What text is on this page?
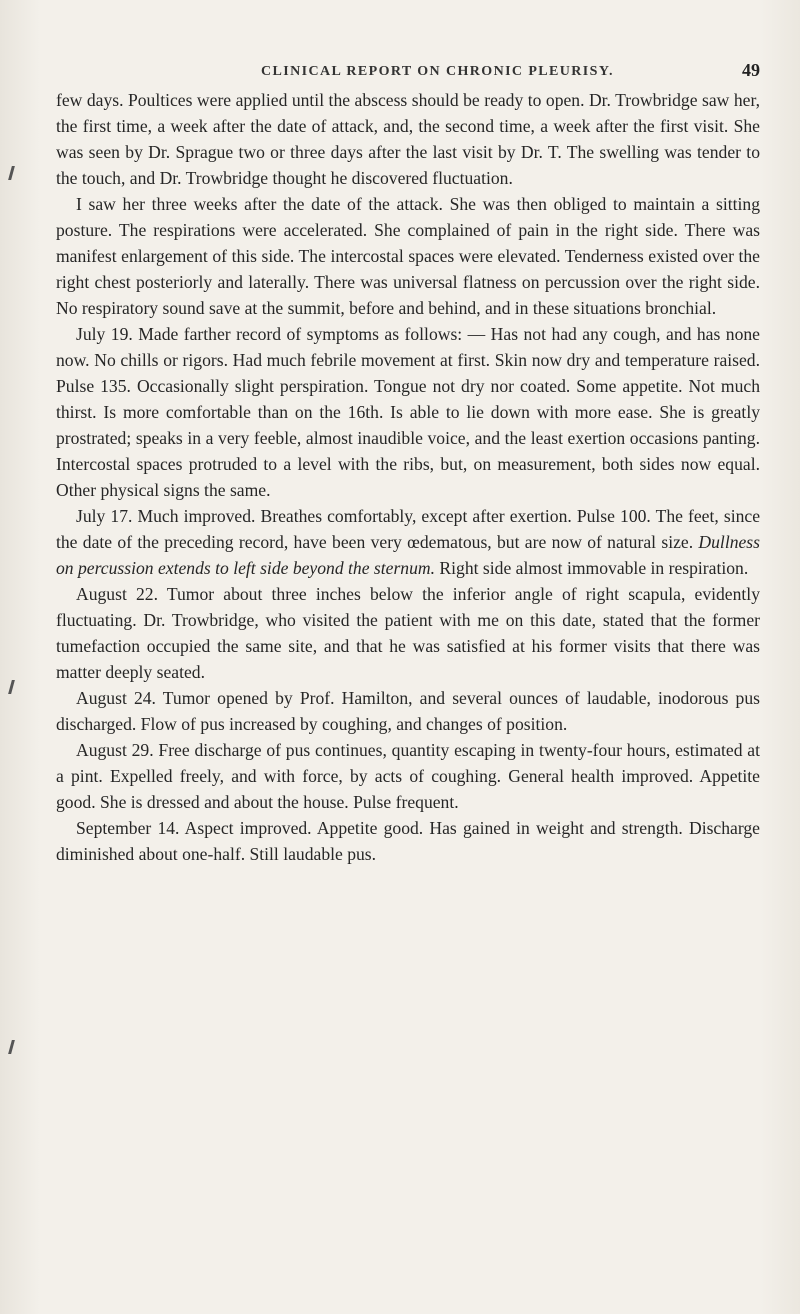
CLINICAL REPORT ON CHRONIC PLEURISY.	49

few days. Poultices were applied until the abscess should be ready to open. Dr. Trowbridge saw her, the first time, a week after the date of attack, and, the second time, a week after the first visit. She was seen by Dr. Sprague two or three days after the last visit by Dr. T. The swelling was tender to the touch, and Dr. Trowbridge thought he discovered fluctuation.

I saw her three weeks after the date of the attack. She was then obliged to maintain a sitting posture. The respirations were accelerated. She complained of pain in the right side. There was manifest enlargement of this side. The intercostal spaces were elevated. Tenderness existed over the right chest posteriorly and laterally. There was universal flatness on percussion over the right side. No respiratory sound save at the summit, before and behind, and in these situations bronchial.

July 19. Made farther record of symptoms as follows: — Has not had any cough, and has none now. No chills or rigors. Had much febrile movement at first. Skin now dry and temperature raised. Pulse 135. Occasionally slight perspiration. Tongue not dry nor coated. Some appetite. Not much thirst. Is more comfortable than on the 16th. Is able to lie down with more ease. She is greatly prostrated; speaks in a very feeble, almost inaudible voice, and the least exertion occasions panting. Intercostal spaces protruded to a level with the ribs, but, on measurement, both sides now equal. Other physical signs the same.

July 17. Much improved. Breathes comfortably, except after exertion. Pulse 100. The feet, since the date of the preceding record, have been very œdematous, but are now of natural size. Dullness on percussion extends to left side beyond the sternum. Right side almost immovable in respiration.

August 22. Tumor about three inches below the inferior angle of right scapula, evidently fluctuating. Dr. Trowbridge, who visited the patient with me on this date, stated that the former tumefaction occupied the same site, and that he was satisfied at his former visits that there was matter deeply seated.

August 24. Tumor opened by Prof. Hamilton, and several ounces of laudable, inodorous pus discharged. Flow of pus increased by coughing, and changes of position.

August 29. Free discharge of pus continues, quantity escaping in twenty-four hours, estimated at a pint. Expelled freely, and with force, by acts of coughing. General health improved. Appetite good. She is dressed and about the house. Pulse frequent.

September 14. Aspect improved. Appetite good. Has gained in weight and strength. Discharge diminished about one-half. Still laudable pus.
